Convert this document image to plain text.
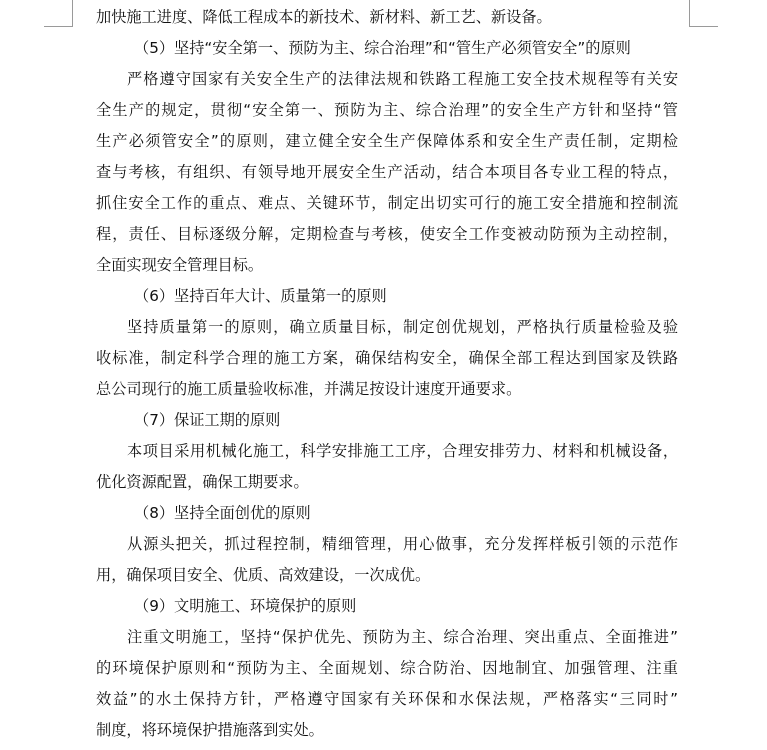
加快施工进度、降低工程成本的新技术、新材料、新工艺、新设备。
（5）坚持“安全第一、预防为主、综合治理”和“管生产必须管安全”的原则
严格遵守国家有关安全生产的法律法规和铁路工程施工安全技术规程等有关安
全生产的规定，贯彻“安全第一、预防为主、综合治理”的安全生产方针和坚持“管
生产必须管安全”的原则，建立健全安全生产保障体系和安全生产责任制，定期检
查与考核，有组织、有领导地开展安全生产活动，结合本项目各专业工程的特点，
抓住安全工作的重点、难点、关键环节，制定出切实可行的施工安全措施和控制流
程，责任、目标逐级分解，定期检查与考核，使安全工作变被动防预为主动控制，
全面实现安全管理目标。
（6）坚持百年大计、质量第一的原则
坚持质量第一的原则，确立质量目标，制定创优规划，严格执行质量检验及验
收标准，制定科学合理的施工方案，确保结构安全，确保全部工程达到国家及铁路
总公司现行的施工质量验收标准，并满足按设计速度开通要求。
（7）保证工期的原则
本项目采用机械化施工，科学安排施工工序，合理安排劳力、材料和机械设备，
优化资源配置，确保工期要求。
（8）坚持全面创优的原则
从源头把关，抓过程控制，精细管理，用心做事，充分发挥样板引领的示范作
用，确保项目安全、优质、高效建设，一次成优。
（9）文明施工、环境保护的原则
注重文明施工，坚持“保护优先、预防为主、综合治理、突出重点、全面推进”
的环境保护原则和“预防为主、全面规划、综合防治、因地制宜、加强管理、注重
效益”的水土保持方针，严格遵守国家有关环保和水保法规，严格落实“三同时”
制度，将环境保护措施落到实处。
